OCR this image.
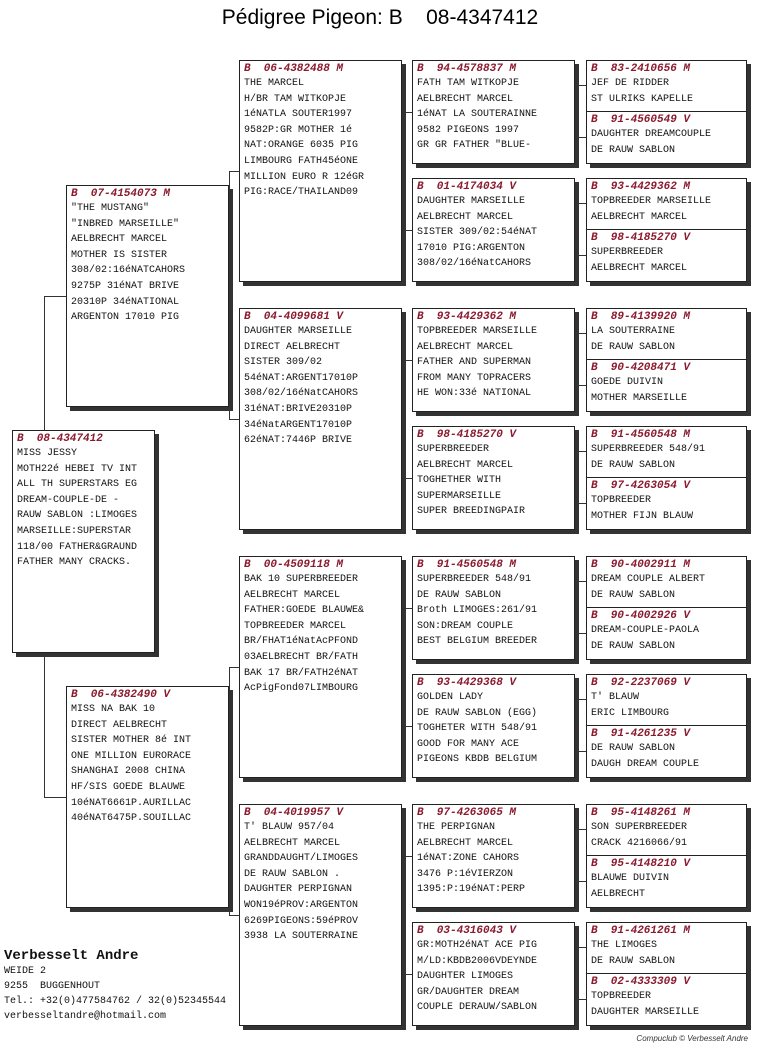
Pédigree Pigeon: B 08-4347412
B  08-4347412
MISS JESSY
MOTH22é HEBEI TV INT
ALL TH SUPERSTARS EG
DREAM-COUPLE-DE -
RAUW SABLON :LIMOGES
MARSEILLE:SUPERSTAR
118/00 FATHER&GRAUND
FATHER MANY CRACKS.
B  07-4154073 M
"THE MUSTANG"
"INBRED MARSEILLE"
AELBRECHT MARCEL
MOTHER IS SISTER
308/02:16éNATCAHORS
9275P 31éNAT BRIVE
20310P 34éNATIONAL
ARGENTON 17010 PIG
B  06-4382490 V
MISS NA BAK 10
DIRECT AELBRECHT
SISTER MOTHER 8é INT
ONE MILLION EURORACE
SHANGHAI 2008 CHINA
HF/SIS GOEDE BLAUWE
10éNAT6661P.AURILLAC
40éNAT6475P.SOUILLAC
B  06-4382488 M
THE MARCEL
H/BR TAM WITKOPJE
1éNATLA SOUTER1997
9582P:GR MOTHER 1é
NAT:ORANGE 6035 PIG
LIMBOURG FATH45éONE
MILLION EURO R 12éGR
PIG:RACE/THAILAND09
B  04-4099681 V
DAUGHTER MARSEILLE
DIRECT AELBRECHT
SISTER 309/02
54éNAT:ARGENT17010P
308/02/16éNatCAHORS
31éNAT:BRIVE20310P
34éNatARGENT17010P
62éNAT:7446P BRIVE
B  00-4509118 M
BAK 10 SUPERBREEDER
AELBRECHT MARCEL
FATHER:GOEDE BLAUWE&
TOPBREEDER MARCEL
BR/FHAT1éNatAcPFOND
03AELBRECHT BR/FATH
BAK 17 BR/FATH2éNAT
AcPigFond07LIMBOURG
B  04-4019957 V
T' BLAUW 957/04
AELBRECHT MARCEL
GRANDDAUGHT/LIMOGES
DE RAUW SABLON .
DAUGHTER PERPIGNAN
WON19éPROV:ARGENTON
6269PIGEONS:59éPROV
3938 LA SOUTERRAINE
B  94-4578837 M
FATH TAM WITKOPJE
AELBRECHT MARCEL
1éNAT LA SOUTERAINNE
9582 PIGEONS 1997
GR GR FATHER "BLUE-
B  01-4174034 V
DAUGHTER MARSEILLE
AELBRECHT MARCEL
SISTER 309/02:54éNAT
17010 PIG:ARGENTON
308/02/16éNatCAHORS
B  93-4429362 M
TOPBREEDER MARSEILLE
AELBRECHT MARCEL
FATHER AND SUPERMAN
FROM MANY TOPRACERS
HE WON:33é NATIONAL
B  98-4185270 V
SUPERBREEDER
AELBRECHT MARCEL
TOGHETHER WITH
SUPERMARSEILLE
SUPER BREEDINGPAIR
B  91-4560548 M
SUPERBREEDER 548/91
DE RAUW SABLON
Broth LIMOGES:261/91
SON:DREAM COUPLE
BEST BELGIUM BREEDER
B  93-4429368 V
GOLDEN LADY
DE RAUW SABLON (EGG)
TOGHETER WITH 548/91
GOOD FOR MANY ACE
PIGEONS KBDB BELGIUM
B  97-4263065 M
THE PERPIGNAN
AELBRECHT MARCEL
1éNAT:ZONE CAHORS
3476 P:1éVIERZON
1395:P:19éNAT:PERP
B  03-4316043 V
GR:MOTH2éNAT ACE PIG
M/LD:KBDB2006VDEYNDE
DAUGHTER LIMOGES
GR/DAUGHTER DREAM
COUPLE DERAUW/SABLON
B  83-2410656 M
JEF DE RIDDER
ST ULRIKS KAPELLE
B  91-4560549 V
DAUGHTER DREAMCOUPLE
DE RAUW SABLON
B  93-4429362 M
TOPBREEDER MARSEILLE
AELBRECHT MARCEL
B  98-4185270 V
SUPERBREEDER
AELBRECHT MARCEL
B  89-4139920 M
LA SOUTERRAINE
DE RAUW SABLON
B  90-4208471 V
GOEDE DUIVIN
MOTHER MARSEILLE
B  91-4560548 M
SUPERBREEDER 548/91
DE RAUW SABLON
B  97-4263054 V
TOPBREEDER
MOTHER FIJN BLAUW
B  90-4002911 M
DREAM COUPLE ALBERT
DE RAUW SABLON
B  90-4002926 V
DREAM-COUPLE-PAOLA
DE RAUW SABLON
B  92-2237069 V
T' BLAUW
ERIC LIMBOURG
B  91-4261235 V
DE RAUW SABLON
DAUGH DREAM COUPLE
B  95-4148261 M
SON SUPERBREEDER
CRACK 4216066/91
B  95-4148210 V
BLAUWE DUIVIN
AELBRECHT
B  91-4261261 M
THE LIMOGES
DE RAUW SABLON
B  02-4333309 V
TOPBREEDER
DAUGHTER MARSEILLE
Verbesselt Andre
WEIDE 2
9255  BUGGENHOUT
Tel.: +32(0)477584762 / 32(0)52345544
verbesseltandre@hotmail.com
Compuclub © Verbesselt Andre
